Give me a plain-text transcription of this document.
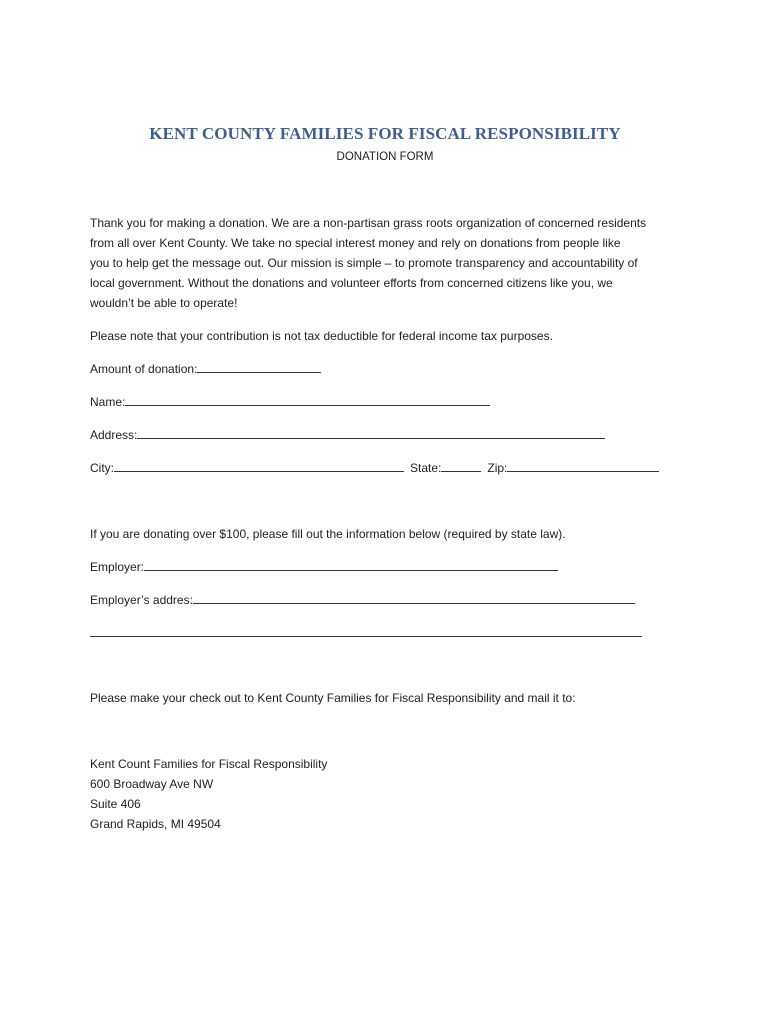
KENT COUNTY FAMILIES FOR FISCAL RESPONSIBILITY
DONATION FORM
Thank you for making a donation. We are a non-partisan grass roots organization of concerned residents
from all over Kent County. We take no special interest money and rely on donations from people like
you to help get the message out. Our mission is simple – to promote transparency and accountability of
local government. Without the donations and volunteer efforts from concerned citizens like you, we
wouldn’t be able to operate!
Please note that your contribution is not tax deductible for federal income tax purposes.
Amount of donation:
Name:
Address:
City:	State:	Zip:
If you are donating over $100, please fill out the information below (required by state law).
Employer:
Employer’s addres:
Please make your check out to Kent County Families for Fiscal Responsibility and mail it to:
Kent Count Families for Fiscal Responsibility
600 Broadway Ave NW
Suite 406
Grand Rapids, MI 49504
